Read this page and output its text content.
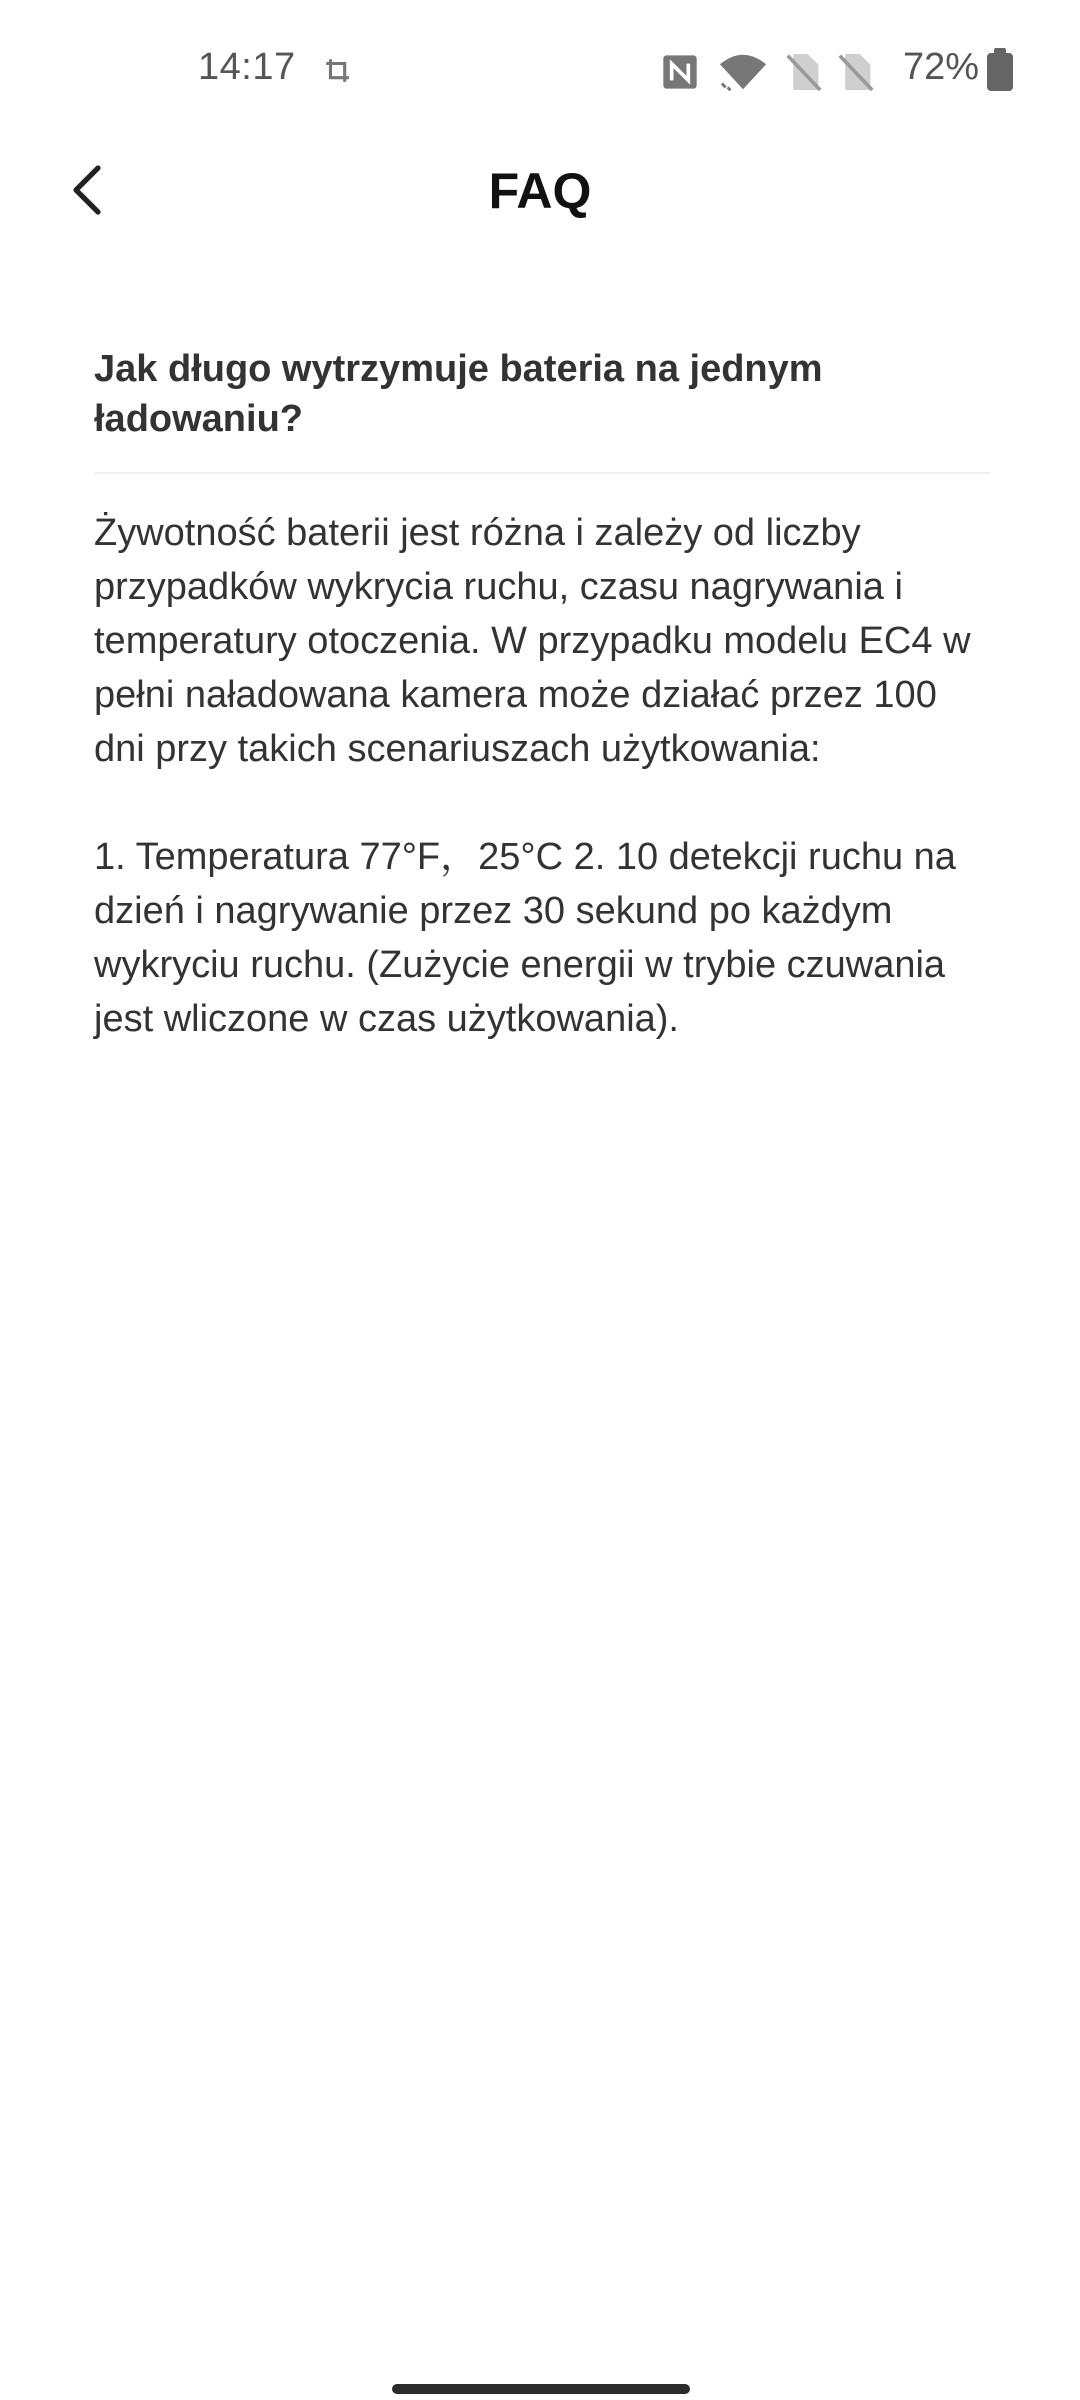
14:17	72%
FAQ
Jak długo wytrzymuje bateria na jednym ładowaniu?
Żywotność baterii jest różna i zależy od liczby przypadków wykrycia ruchu, czasu nagrywania i temperatury otoczenia. W przypadku modelu EC4 w pełni naładowana kamera może działać przez 100 dni przy takich scenariuszach użytkowania:

1. Temperatura 77°F，25°C 2. 10 detekcji ruchu na dzień i nagrywanie przez 30 sekund po każdym wykryciu ruchu. (Zużycie energii w trybie czuwania jest wliczone w czas użytkowania).
